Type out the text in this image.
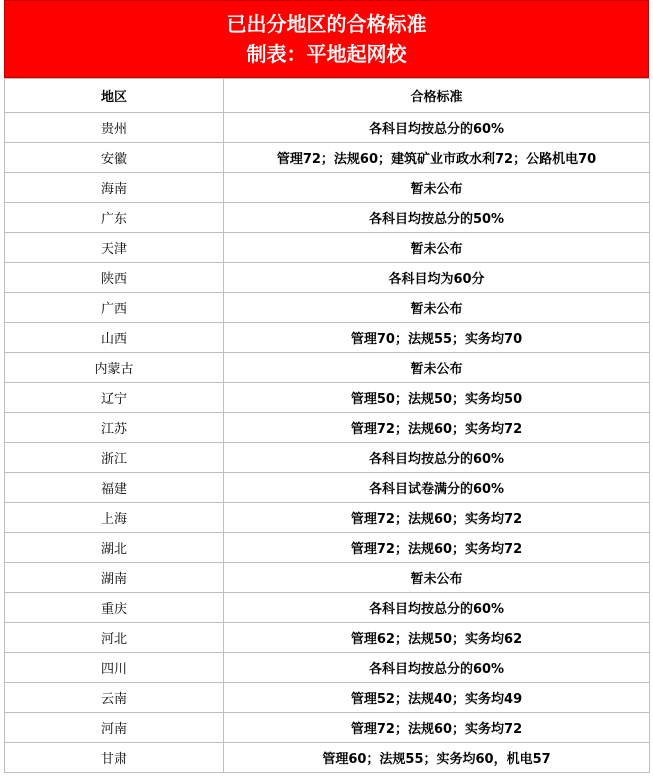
已出分地区的合格标准
制表：平地起网校
地区	合格标准
贵州	各科目均按总分的60%
安徽	管理72；法规60；建筑矿业市政水利72；公路机电70
海南	暂未公布
广东	各科目均按总分的50%
天津	暂未公布
陕西	各科目均为60分
广西	暂未公布
山西	管理70；法规55；实务均70
内蒙古	暂未公布
辽宁	管理50；法规50；实务均50
江苏	管理72；法规60；实务均72
浙江	各科目均按总分的60%
福建	各科目试卷满分的60%
上海	管理72；法规60；实务均72
湖北	管理72；法规60；实务均72
湖南	暂未公布
重庆	各科目均按总分的60%
河北	管理62；法规50；实务均62
四川	各科目均按总分的60%
云南	管理52；法规40；实务均49
河南	管理72；法规60；实务均72
甘肃	管理60；法规55；实务均60，机电57
